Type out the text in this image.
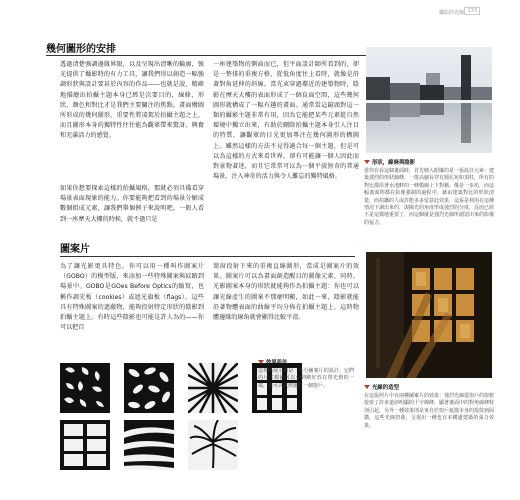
攝影的光線 133
幾何圖形的安排
透過清楚強調邊緣界限，以及呈現出清晰的輪廓，強光提供了攝影時的有力工具，讓我們得以創造一幅強調形狀與設計要甚於內容的作品——也就是說，精確地描繪出拍攝主題本身已經是次要目的，線條、形狀、顏色和對比才是我們主要關注的焦點。畫面構圖所形成的幾何圖形，重要性將凌駕於拍攝主題之上，而且圖形本身的獨特性往往能為觀眾帶來驚訝、興奮和充滿活力的感覺。
如果你想要探索這樣的拍攝風格，那就必須具備看穿場景表面現象的能力。你要能夠把看到的場景分解成數個組成元素，讓我們舉個例子來說明吧，一般人看到一座摩天大樓的時候，就不過只是
一座建築物的側面而已，但平面設計師所看到的，卻是一整排的重複方格，從低角度往上看時，就像是沿著對角延伸的斜線。當光束穿過鄰近的建築物時，陰影在摩天大樓的表面形成了一個負面空間，這些幾何圖形就構成了一幅有趣的畫面。通常當這鏡頭對這一類的攝影主題非常有用，因為它能把某些元素從自然環境中獨立出來，有助於刪除拍攝主題本身引人注目的特質，讓觀眾的目光更加專注在幾何圖形的構圖上。雖然這樣的方法不見得適合每一個主題，但是可以為這樣的方式來看世界，卻有可能讓一個人因此而對景物著迷，而且它常常可以為一個平淡無奇的普通場景，注入神奇的活力與令人難忘的獨特風格。
形狀，線條與陰影

當你在看這個畫面時，首先映入眼簾的是一張設計元素：建築強烈的形狀線條，一排高細長穿有圓孔宛如頂柱，所有的對比都沿著水池畔的一條模線上下對稱，像是一步坊，而這幅畫面則都在影像強制的過程中，藉由建築對比的形狀清楚，而拍攝的人或許能多多留意此效果，這張是利用在這種情況下調出來的，與陽光的角度形成強烈的分度，反而已經不是這樣地重要了，而這個就是強烈光線所創造出來的影像的張力。

圖案片
為了讓光影更具特色，你可以用一種叫作圖案片（GOBO）的模型版，來添加一些特殊圖案與紋路到場景中。GOBO是GOes Before Optics的縮寫，也稱作調光板（cookies）或遮光旗板（flags）。這些具有特殊圖案的遮蔽物，能夠投射特定形狀的陰影到拍攝主題上。有時這些陰影也可能是許人為的——你可以把百
葉窗投射下來的重複直線圖形，當成是圖案片的效果。圖案片可以為畫面創造醒目的圖像元素，同時，光影圖案本身的形狀就能夠作為拍攝主題：你也可以讓光線產生的圖案不那麼明顯，如此一來，陰影就能沿著物體表面的曲線平均分佈在拍攝主題上，這時物體邊緣的線角就會顯得比較平滑。
光線的造型

在這張照片中有兩種圖案片的效果：強烈光線從窗戶的窗框投射了許多道斜明顯的十字線條，顯著畫面中的對角線條特別引起，另外一種效果則是來自於窗戶遮擋本身的投射到面牆，這些光線扭曲，呈現出一種也有本構處建築的張力效果。

效果設計

這裡所展示的是一些分圖案片的設計。它們的尺寸都依可以小到剛好放在閃光燈的一端，也可以大到遮住一個窗戶。
